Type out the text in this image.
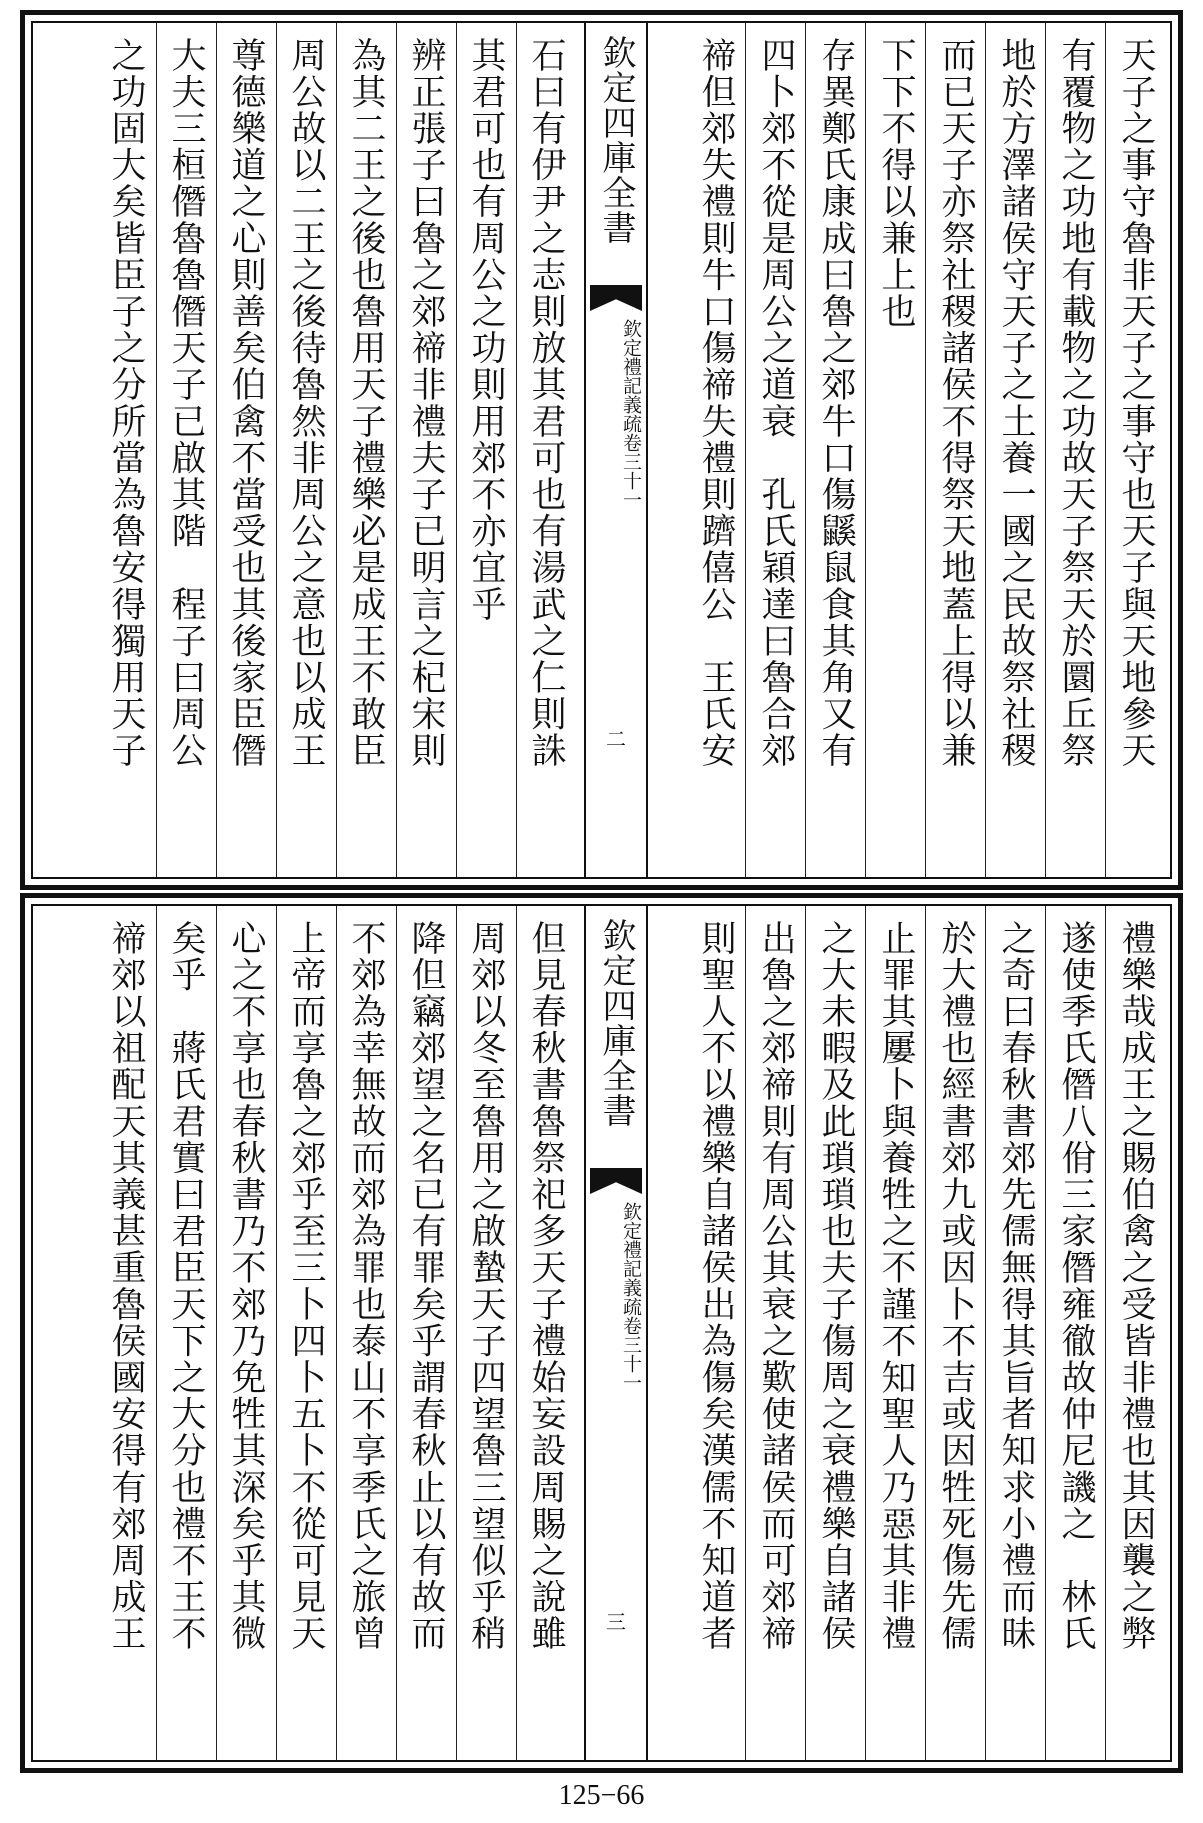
天子之事守魯非天子之事守也天子與天地參天
有覆物之功地有載物之功故天子祭天於圜丘祭
地於方澤諸侯守天子之土養一國之民故祭社稷
而已天子亦祭社稷諸侯不得祭天地蓋上得以兼
下下不得以兼上也
存異鄭氏康成曰魯之郊牛口傷鼷鼠食其角又有
四卜郊不從是周公之道衰　孔氏穎達曰魯合郊
禘但郊失禮則牛口傷禘失禮則躋僖公　王氏安
欽定四庫全書
欽定禮記義疏卷三十一
二
石曰有伊尹之志則放其君可也有湯武之仁則誅
其君可也有周公之功則用郊不亦宜乎
辨正張子曰魯之郊禘非禮夫子已明言之杞宋則
為其二王之後也魯用天子禮樂必是成王不敢臣
周公故以二王之後待魯然非周公之意也以成王
尊德樂道之心則善矣伯禽不當受也其後家臣僭
大夫三桓僭魯魯僭天子已啟其階　程子曰周公
之功固大矣皆臣子之分所當為魯安得獨用天子
禮樂哉成王之賜伯禽之受皆非禮也其因襲之弊
遂使季氏僭八佾三家僭雍徹故仲尼譏之　林氏
之奇曰春秋書郊先儒無得其旨者知求小禮而昧
於大禮也經書郊九或因卜不吉或因牲死傷先儒
止罪其屢卜與養牲之不謹不知聖人乃惡其非禮
之大未暇及此瑣瑣也夫子傷周之衰禮樂自諸侯
出魯之郊禘則有周公其衰之歎使諸侯而可郊禘
則聖人不以禮樂自諸侯出為傷矣漢儒不知道者
欽定四庫全書
欽定禮記義疏卷三十一
三
但見春秋書魯祭祀多天子禮始妄設周賜之說雖
周郊以冬至魯用之啟蟄天子四望魯三望似乎稍
降但竊郊望之名已有罪矣乎謂春秋止以有故而
不郊為幸無故而郊為罪也泰山不享季氏之旅曾
上帝而享魯之郊乎至三卜四卜五卜不從可見天
心之不享也春秋書乃不郊乃免牲其深矣乎其微
矣乎　蔣氏君實曰君臣天下之大分也禮不王不
禘郊以祖配天其義甚重魯侯國安得有郊周成王
125−66
